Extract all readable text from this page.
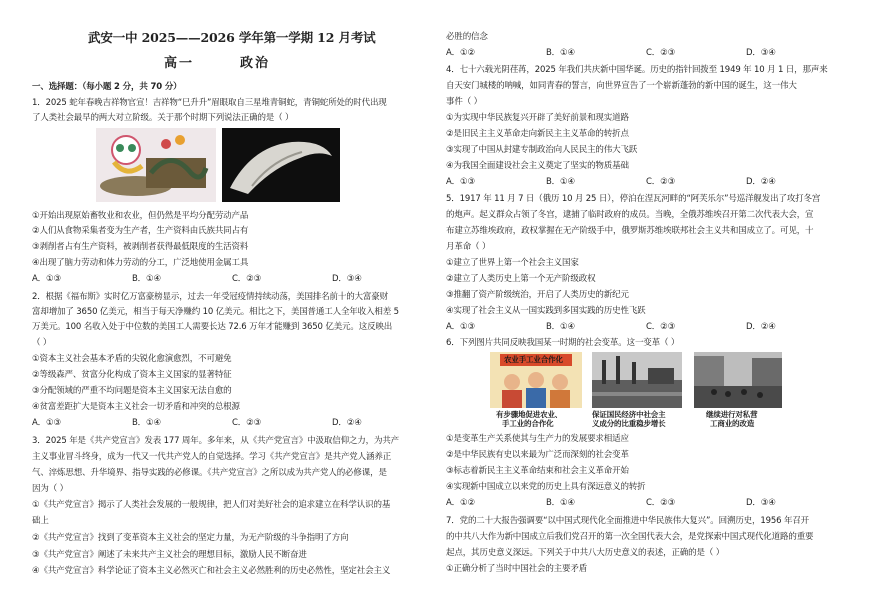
武安一中 2025——2026 学年第一学期 12 月考试
高一	政治
一、选择题：（每小题 2 分，共 70 分）
1．2025 蛇年春晚吉祥物官宣！吉祥物“巳升升”眉眼取自三星堆青铜蛇，青铜蛇所处的时代出现
了人类社会最早的两大对立阶级。关于那个时期下列说法正确的是（ ）
①开始出现原始畜牧业和农业，但仍然是平均分配劳动产品
②人们从食物采集者变为生产者，生产资料由氏族共同占有
③剥削者占有生产资料，被剥削者获得最低限度的生活资料
④出现了脑力劳动和体力劳动的分工，广泛地使用金属工具
A．①③	B．①④	C．②③	D．③④
2．根据《福布斯》实时亿万富豪榜显示，过去一年受冠疫情持续动荡，美国排名前十的大富豪财
富却增加了 3650 亿美元，相当于每天净赚约 10 亿美元。相比之下，美国普通工人全年收入相差 5
万美元。100 名收入处于中位数的美国工人需要长达 72.6 万年才能赚到 3650 亿美元。这反映出
（ ）
①资本主义社会基本矛盾的尖锐化愈演愈烈，不可避免
②等级森严、贫富分化构成了资本主义国家的显著特征
③分配领域的严重不均问题是资本主义国家无法自愈的
④贫富差距扩大是资本主义社会一切矛盾和冲突的总根源
A．①③	B．①④	C．②③	D．②④
3．2025 年是《共产党宣言》发表 177 周年。多年来，从《共产党宣言》中汲取信仰之力，为共产
主义事业冒斗终身，成为一代又一代共产党人的自觉选择。学习《共产党宣言》是共产党人涵养正
气、淬炼思想、升华境界、指导实践的必修课。《共产党宣言》之所以成为共产党人的必修课，是
因为（ ）
①《共产党宣言》揭示了人类社会发展的一般规律，把人们对美好社会的追求建立在科学认识的基
础上
②《共产党宣言》找到了变革资本主义社会的坚定力量，为无产阶级的斗争指明了方向
③《共产党宣言》阐述了未来共产主义社会的理想目标，激励人民不断奋进
④《共产党宣言》科学论证了资本主义必然灭亡和社会主义必然胜利的历史必然性，坚定社会主义
必胜的信念
A．①②	B．①④	C．②③	D．③④
4．七十六载光阴荏苒，2025 年我们共庆新中国华诞。历史的指针回拨至 1949 年 10 月 1 日，那声来
自天安门城楼的呐喊，如同青春的誓言，向世界宣告了一个崭新蓬勃的新中国的诞生，这一伟大
事件（ ）
①为实现中华民族复兴开辟了美好前景和现实道路
②是旧民主主义革命走向新民主主义革命的转折点
③实现了中国从封建专制政治向人民民主的伟大飞跃
④为我国全面建设社会主义奠定了坚实的物质基础
A．①③	B．①④	C．②③	D．②④
5．1917 年 11 月 7 日（俄历 10 月 25 日），停泊在涅瓦河畔的“阿芙乐尔”号巡洋舰发出了攻打冬宫
的炮声。起义群众占领了冬宫，逮捕了临时政府的成员。当晚，全俄苏维埃召开第二次代表大会，宣
布建立苏维埃政府，政权掌握在无产阶级手中，俄罗斯苏维埃联邦社会主义共和国成立了。可见，十
月革命（ ）
①建立了世界上第一个社会主义国家
②建立了人类历史上第一个无产阶级政权
③推翻了资产阶级统治，开启了人类历史的新纪元
④实现了社会主义从一国实践到多国实践的历史性飞跃
A．①③	B．①④	C．②③	D．②④
6．下列图片共同反映我国某一时期的社会变革。这一变革（ ）
农业手工业合作化
有步骤地促进农业、
手工业的合作化
保证国民经济中社会主
义成分的比重稳步增长
继续进行对私营
工商业的改造
①是变革生产关系使其与生产力的发展要求相适应
②是中华民族有史以来最为广泛而深刻的社会变革
③标志着新民主主义革命结束和社会主义革命开始
④实现新中国成立以来党的历史上具有深远意义的转折
A．①②	B．①④	C．②③	D．③④
7．党的二十大报告强调要“以中国式现代化全面推进中华民族伟大复兴”。回溯历史，1956 年召开
的中共八大作为新中国成立后我们党召开的第一次全国代表大会，是党探索中国式现代化道路的重要
起点，其历史意义深远。下列关于中共八大历史意义的表述，正确的是（ ）
①正确分析了当时中国社会的主要矛盾
